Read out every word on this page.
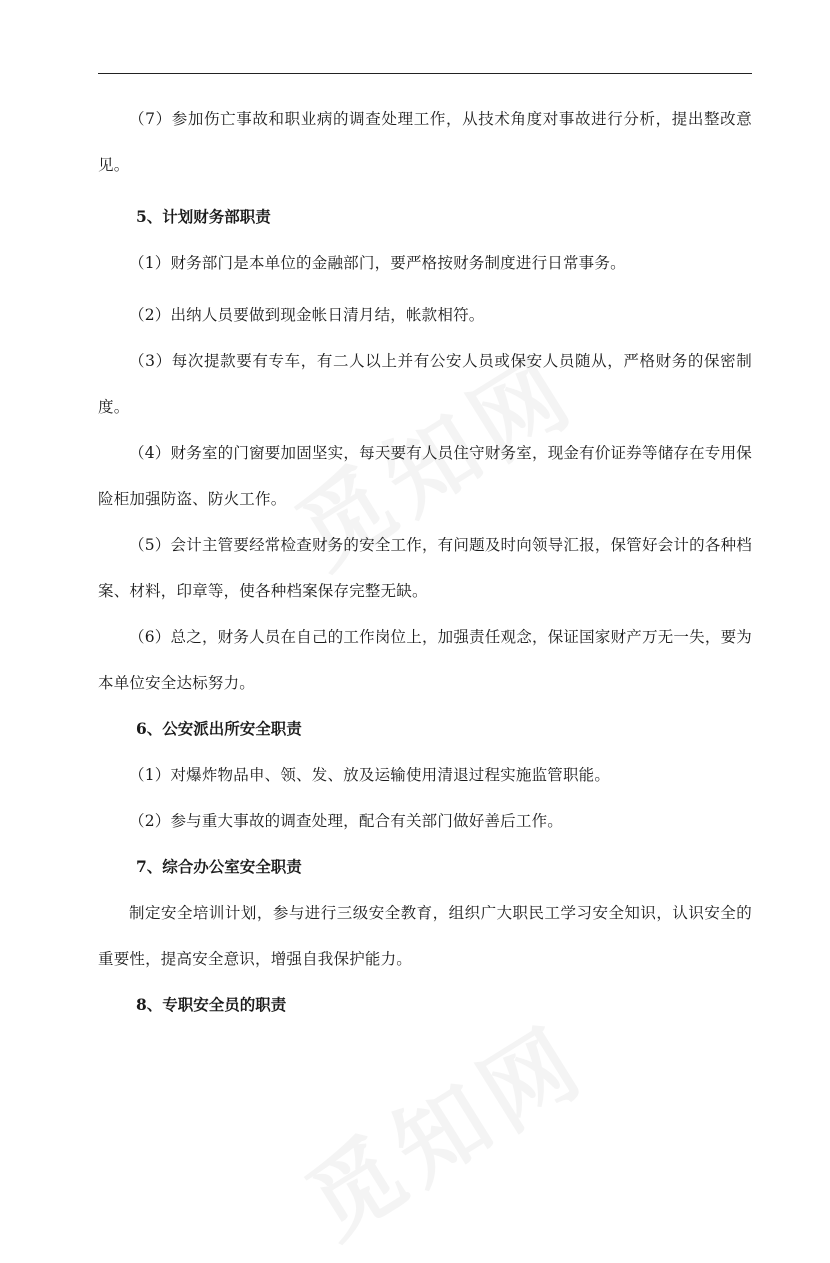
（7）参加伤亡事故和职业病的调查处理工作，从技术角度对事故进行分析，提出整改意见。

5、计划财务部职责

（1）财务部门是本单位的金融部门，要严格按财务制度进行日常事务。

（2）出纳人员要做到现金帐日清月结，帐款相符。

（3）每次提款要有专车，有二人以上并有公安人员或保安人员随从，严格财务的保密制度。

（4）财务室的门窗要加固坚实，每天要有人员住守财务室，现金有价证券等储存在专用保险柜加强防盗、防火工作。

（5）会计主管要经常检查财务的安全工作，有问题及时向领导汇报，保管好会计的各种档案、材料，印章等，使各种档案保存完整无缺。

（6）总之，财务人员在自己的工作岗位上，加强责任观念，保证国家财产万无一失，要为本单位安全达标努力。

6、公安派出所安全职责

（1）对爆炸物品申、领、发、放及运输使用清退过程实施监管职能。

（2）参与重大事故的调查处理，配合有关部门做好善后工作。

7、综合办公室安全职责

制定安全培训计划，参与进行三级安全教育，组织广大职民工学习安全知识，认识安全的重要性，提高安全意识，增强自我保护能力。

8、专职安全员的职责
